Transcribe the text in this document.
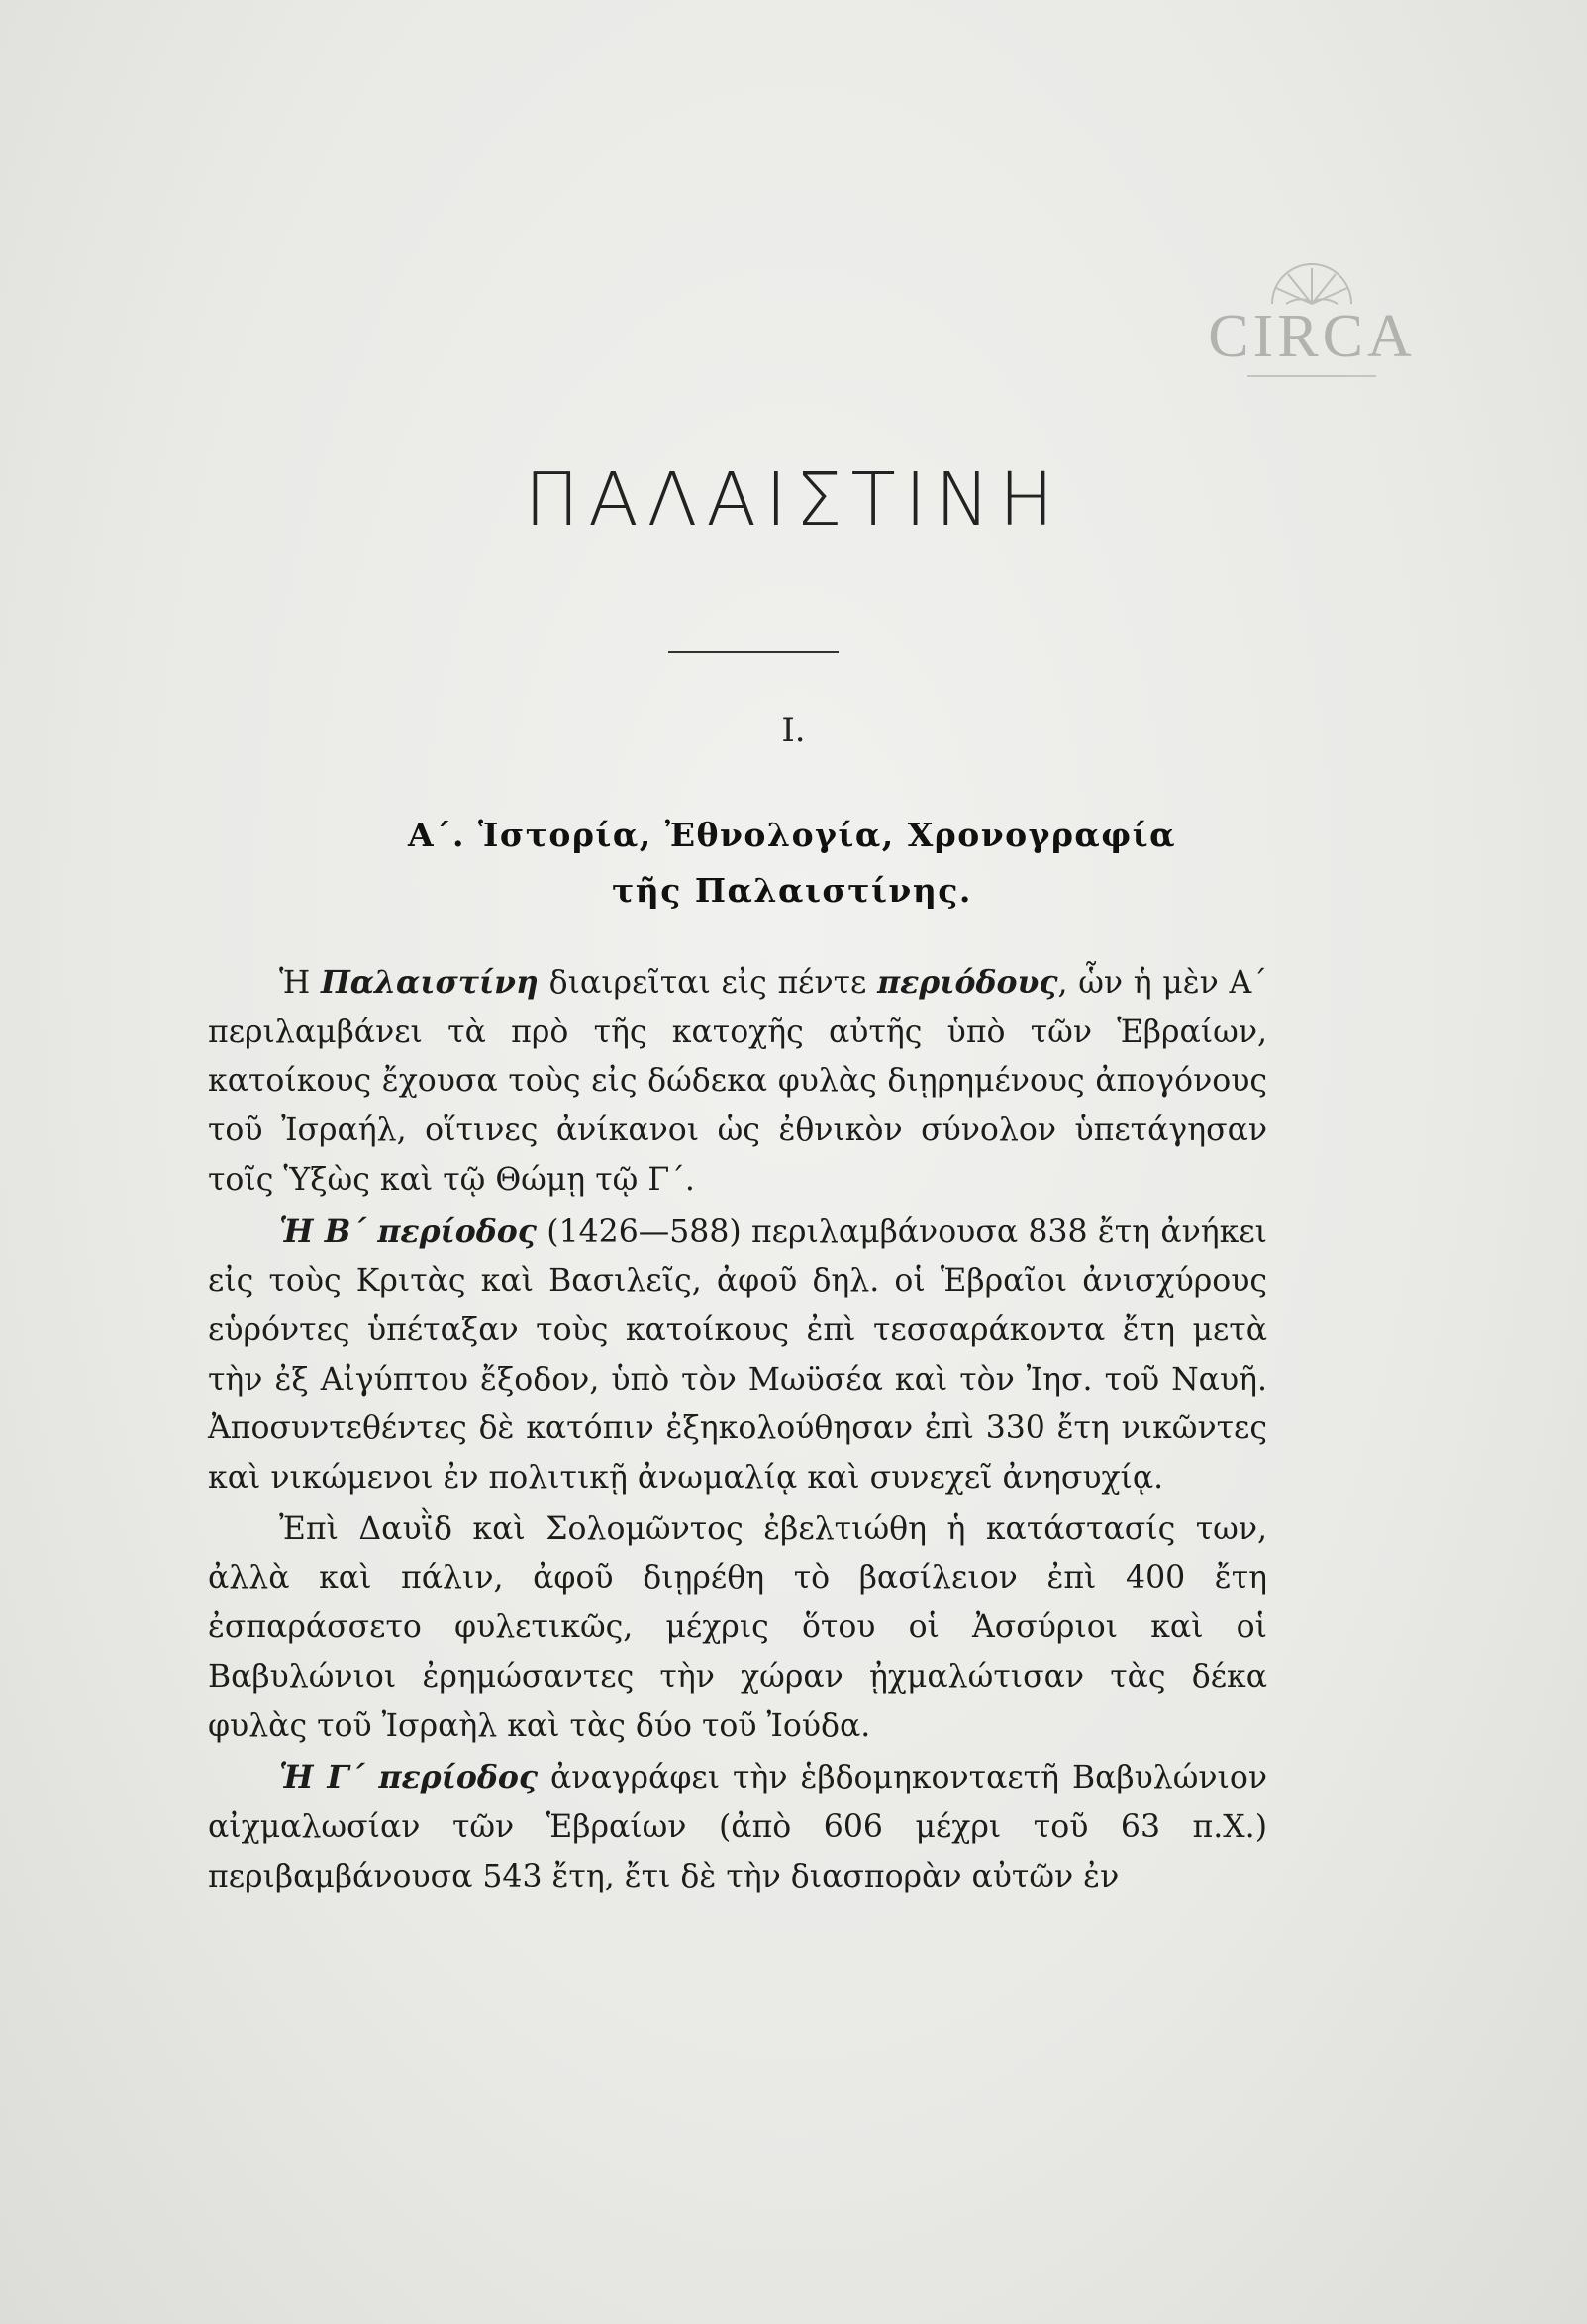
CIRCA
ΠΑΛΑΙΣΤΙΝΗ
I.
Α΄. Ἱστορία, Ἐθνολογία, Χρονογραφία
τῆς Παλαιστίνης.

Ἡ Παλαιστίνη διαιρεῖται εἰς πέντε περιόδους, ὧν ἡ μὲν Α΄ περιλαμβάνει τὰ πρὸ τῆς κατοχῆς αὐτῆς ὑπὸ τῶν Ἑβραίων, κατοίκους ἔχουσα τοὺς εἰς δώδεκα φυλὰς διῃρημένους ἀπογόνους τοῦ Ἰσραήλ, οἵτινες ἀνίκανοι ὡς ἐθνικὸν σύνολον ὑπετάγησαν τοῖς Ὑξὼς καὶ τῷ Θώμῃ τῷ Γ΄.

Ἡ Β΄ περίοδος (1426—588) περιλαμβάνουσα 838 ἔτη ἀνήκει εἰς τοὺς Κριτὰς καὶ Βασιλεῖς, ἀφοῦ δηλ. οἱ Ἑβραῖοι ἀνισχύρους εὑρόντες ὑπέταξαν τοὺς κατοίκους ἐπὶ τεσσαράκοντα ἔτη μετὰ τὴν ἐξ Αἰγύπτου ἔξοδον, ὑπὸ τὸν Μωϋσέα καὶ τὸν Ἰησ. τοῦ Ναυῆ. Ἀποσυντεθέντες δὲ κατόπιν ἐξηκολούθησαν ἐπὶ 330 ἔτη νικῶντες καὶ νικώμενοι ἐν πολιτικῇ ἀνωμαλίᾳ καὶ συνεχεῖ ἀνησυχίᾳ.

Ἐπὶ Δαυῒδ καὶ Σολομῶντος ἐβελτιώθη ἡ κατάστασίς των, ἀλλὰ καὶ πάλιν, ἀφοῦ διῃρέθη τὸ βασίλειον ἐπὶ 400 ἔτη ἐσπαράσσετο φυλετικῶς, μέχρις ὅτου οἱ Ἀσσύριοι καὶ οἱ Βαβυλώνιοι ἐρημώσαντες τὴν χώραν ᾐχμαλώτισαν τὰς δέκα φυλὰς τοῦ Ἰσραὴλ καὶ τὰς δύο τοῦ Ἰούδα.

Ἡ Γ΄ περίοδος ἀναγράφει τὴν ἑβδομηκονταετῆ Βαβυλώνιον αἰχμαλωσίαν τῶν Ἑβραίων (ἀπὸ 606 μέχρι τοῦ 63 π.Χ.) περιβαμβάνουσα 543 ἔτη, ἔτι δὲ τὴν διασπορὰν αὐτῶν ἐν
